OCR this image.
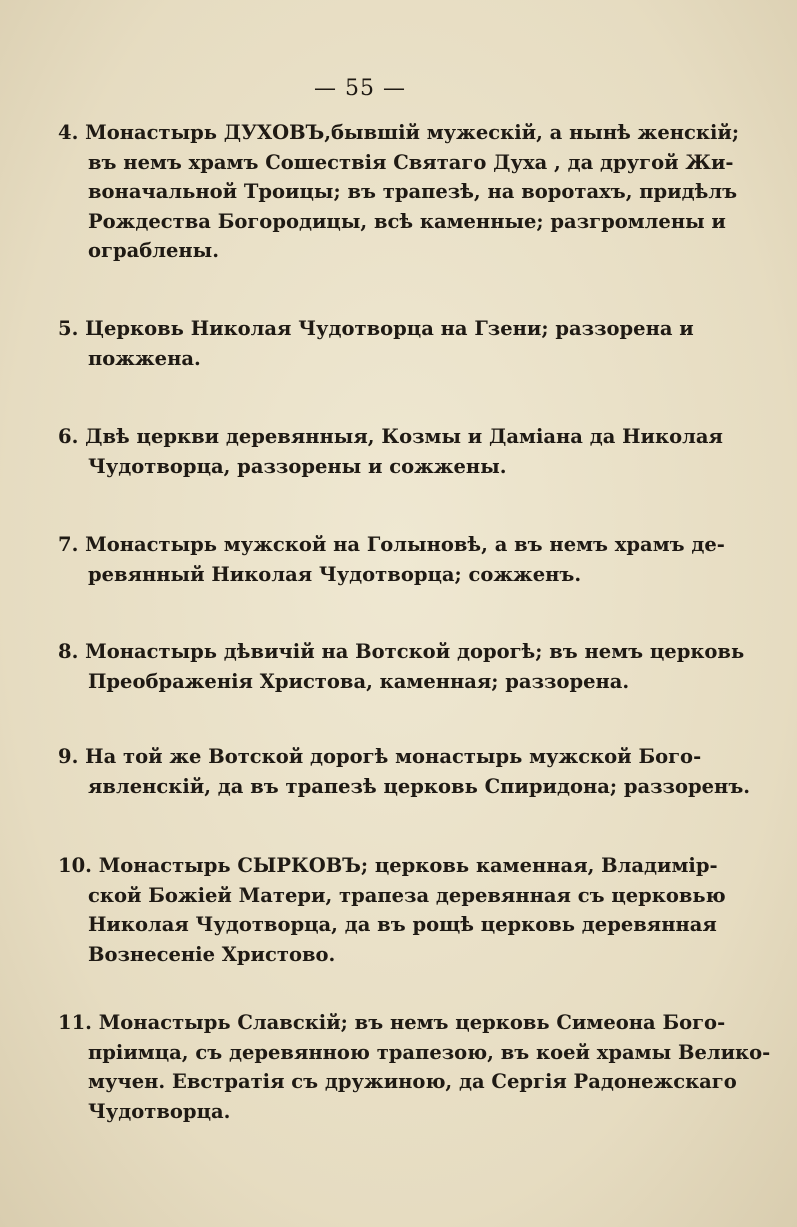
— 55 —
4. Монастырь ДУХОВЪ,бывшій мужескій, а нынѣ женскій;
въ немъ храмъ Сошествія Святаго Духа , да другой Жи-
воначальной Троицы; въ трапезѣ, на воротахъ, придѣлъ
Рождества Богородицы, всѣ каменные; разгромлены и
ограблены.
5. Церковь Николая Чудотворца на Гзени; раззорена и
пожжена.
6. Двѣ церкви деревянныя, Козмы и Даміана да Николая
Чудотворца, раззорены и сожжены.
7. Монастырь мужской на Голыновѣ, а въ немъ храмъ де-
ревянный Николая Чудотворца; сожженъ.
8. Монастырь дѣвичій на Вотской дорогѣ; въ немъ церковь
Преображенія Христова, каменная; раззорена.
9. На той же Вотской дорогѣ монастырь мужской Бого-
явленскій, да въ трапезѣ церковь Спиридона; раззоренъ.
10. Монастырь СЫРКОВЪ; церковь каменная, Владимір-
ской Божіей Матери, трапеза деревянная съ церковью
Николая Чудотворца, да въ рощѣ церковь деревянная
Вознесеніе Христово.
11. Монастырь Славскій; въ немъ церковь Симеона Бого-
пріимца, съ деревянною трапезою, въ коей храмы Велико-
мучен. Евстратія съ дружиною, да Сергія Радонежскаго
Чудотворца.
